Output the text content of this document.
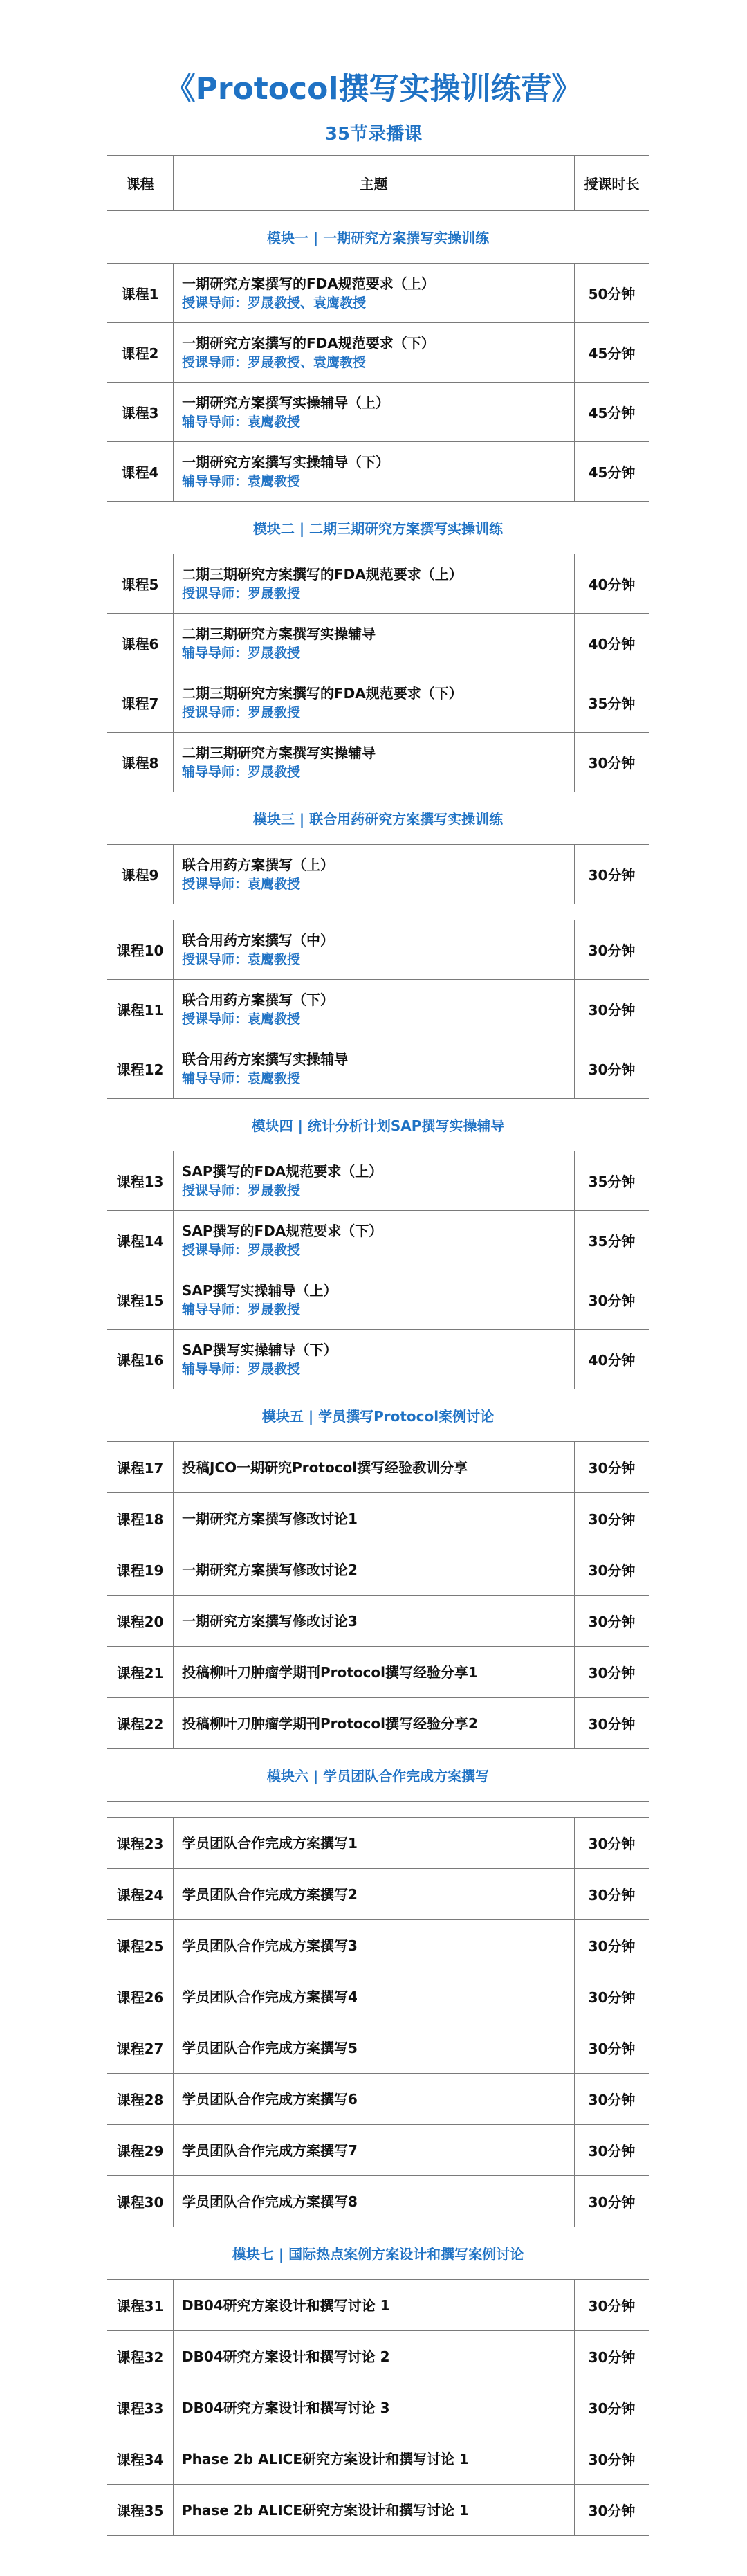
《Protocol撰写实操训练营》
35节录播课
课程	主题	授课时长
模块一 | 一期研究方案撰写实操训练		
课程1	一期研究方案撰写的FDA规范要求（上）
授课导师：罗晟教授、袁鹰教授	50分钟
课程2	一期研究方案撰写的FDA规范要求（下）
授课导师：罗晟教授、袁鹰教授	45分钟
课程3	一期研究方案撰写实操辅导（上）
辅导导师：袁鹰教授	45分钟
课程4	一期研究方案撰写实操辅导（下）
辅导导师：袁鹰教授	45分钟
模块二 | 二期三期研究方案撰写实操训练		
课程5	二期三期研究方案撰写的FDA规范要求（上）
授课导师：罗晟教授	40分钟
课程6	二期三期研究方案撰写实操辅导
辅导导师：罗晟教授	40分钟
课程7	二期三期研究方案撰写的FDA规范要求（下）
授课导师：罗晟教授	35分钟
课程8	二期三期研究方案撰写实操辅导
辅导导师：罗晟教授	30分钟
模块三 | 联合用药研究方案撰写实操训练		
课程9	联合用药方案撰写（上）
授课导师：袁鹰教授	30分钟
课程10	联合用药方案撰写（中）
授课导师：袁鹰教授	30分钟
课程11	联合用药方案撰写（下）
授课导师：袁鹰教授	30分钟
课程12	联合用药方案撰写实操辅导
辅导导师：袁鹰教授	30分钟
模块四 | 统计分析计划SAP撰写实操辅导		
课程13	SAP撰写的FDA规范要求（上）
授课导师：罗晟教授	35分钟
课程14	SAP撰写的FDA规范要求（下）
授课导师：罗晟教授	35分钟
课程15	SAP撰写实操辅导（上）
辅导导师：罗晟教授	30分钟
课程16	SAP撰写实操辅导（下）
辅导导师：罗晟教授	40分钟
模块五 | 学员撰写Protocol案例讨论		
课程17	投稿JCO一期研究Protocol撰写经验教训分享	30分钟
课程18	一期研究方案撰写修改讨论1	30分钟
课程19	一期研究方案撰写修改讨论2	30分钟
课程20	一期研究方案撰写修改讨论3	30分钟
课程21	投稿柳叶刀肿瘤学期刊Protocol撰写经验分享1	30分钟
课程22	投稿柳叶刀肿瘤学期刊Protocol撰写经验分享2	30分钟
模块六 | 学员团队合作完成方案撰写		
课程23	学员团队合作完成方案撰写1	30分钟
课程24	学员团队合作完成方案撰写2	30分钟
课程25	学员团队合作完成方案撰写3	30分钟
课程26	学员团队合作完成方案撰写4	30分钟
课程27	学员团队合作完成方案撰写5	30分钟
课程28	学员团队合作完成方案撰写6	30分钟
课程29	学员团队合作完成方案撰写7	30分钟
课程30	学员团队合作完成方案撰写8	30分钟
模块七 | 国际热点案例方案设计和撰写案例讨论		
课程31	DB04研究方案设计和撰写讨论 1	30分钟
课程32	DB04研究方案设计和撰写讨论 2	30分钟
课程33	DB04研究方案设计和撰写讨论 3	30分钟
课程34	Phase 2b ALICE研究方案设计和撰写讨论 1	30分钟
课程35	Phase 2b ALICE研究方案设计和撰写讨论 1	30分钟
